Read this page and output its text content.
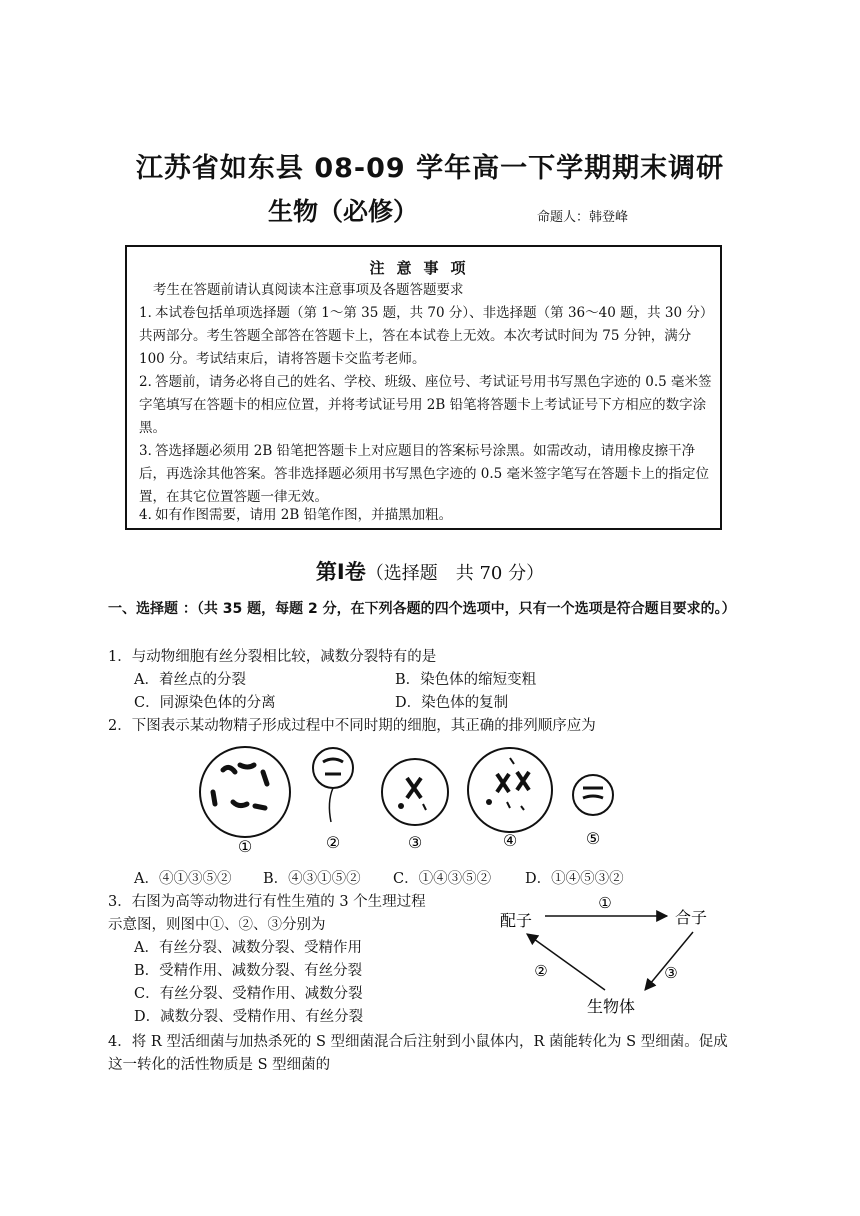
江苏省如东县 08-09 学年高一下学期期末调研
生物（必修）	命题人：韩登峰
注意事项

考生在答题前请认真阅读本注意事项及各题答题要求

1．本试卷包括单项选择题（第 1～第 35 题，共 70 分）、非选择题（第 36～40 题，共 30 分）共两部分。考生答题全部答在答题卡上，答在本试卷上无效。本次考试时间为 75 分钟，满分 100 分。考试结束后，请将答题卡交监考老师。

2．答题前，请务必将自己的姓名、学校、班级、座位号、考试证号用书写黑色字迹的 0.5 毫米签字笔填写在答题卡的相应位置，并将考试证号用 2B 铅笔将答题卡上考试证号下方相应的数字涂黑。

3．答选择题必须用 2B 铅笔把答题卡上对应题目的答案标号涂黑。如需改动，请用橡皮擦干净后，再选涂其他答案。答非选择题必须用书写黑色字迹的 0.5 毫米签字笔写在答题卡上的指定位置，在其它位置答题一律无效。

4．如有作图需要，请用 2B 铅笔作图，并描黑加粗。

第Ⅰ卷（选择题　共 70 分）
一、选择题 ：（共 35 题，每题 2 分，在下列各题的四个选项中，只有一个选项是符合题目要求的。）
1．与动物细胞有丝分裂相比较，减数分裂特有的是
A．着丝点的分裂	B．染色体的缩短变粗
C．同源染色体的分离	D．染色体的复制
2．下图表示某动物精子形成过程中不同时期的细胞，其正确的排列顺序应为
①	②	③	④	⑤
A．④①③⑤② B．④③①⑤② C．①④③⑤② D．①④⑤③②
3．右图为高等动物进行有性生殖的 3 个生理过程
示意图，则图中①、②、③分别为
A．有丝分裂、减数分裂、受精作用
B．受精作用、减数分裂、有丝分裂
C．有丝分裂、受精作用、减数分裂
D．减数分裂、受精作用、有丝分裂
配子	合子
生物体
①
②	③
4．将 R 型活细菌与加热杀死的 S 型细菌混合后注射到小鼠体内，R 菌能转化为 S 型细菌。促成
这一转化的活性物质是 S 型细菌的
